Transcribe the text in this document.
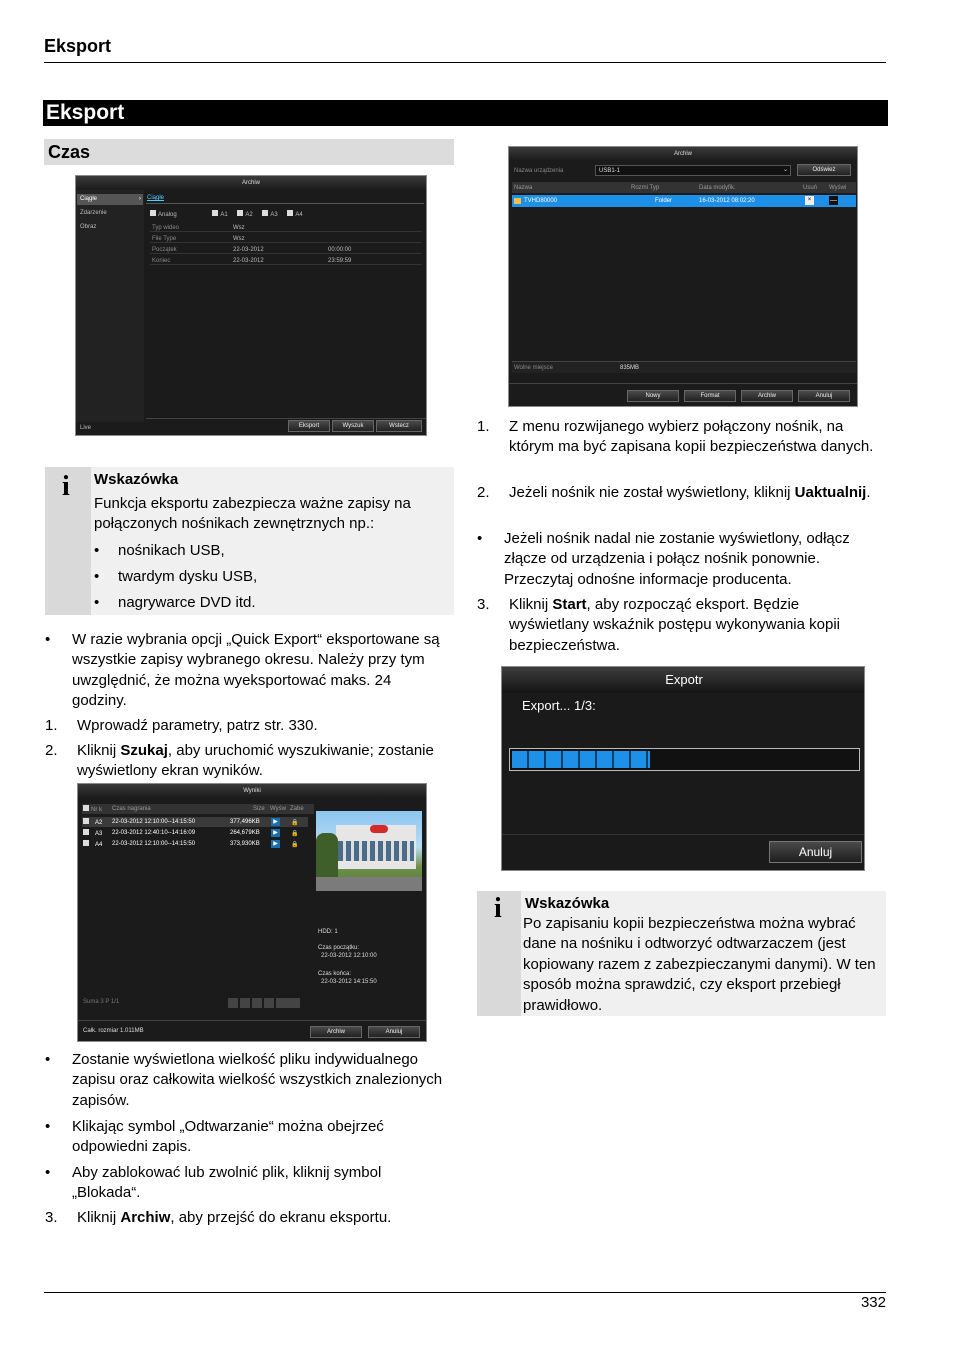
Eksport
Eksport
Czas
Archiw
Ciągłe	›
Zdarzenie
Obraz
Ciągłe
Analog	A1	A2	A3	A4
Typ wideo	Wsz
File Type	Wsz
Początek	22-03-2012	00:00:00
Koniec	22-03-2012	23:59:59
Eksport	Wyszuk	Wstecz
Live
i Wskazówka
Funkcja eksportu zabezpiecza ważne zapisy na połączonych nośnikach zewnętrznych np.:
• nośnikach USB,
• twardym dysku USB,
• nagrywarce DVD itd.
• W razie wybrania opcji „Quick Export“ eksportowane są wszystkie zapisy wybranego okresu. Należy przy tym uwzględnić, że można wyeksportować maks. 24 godziny.
1. Wprowadź parametry, patrz str. 330.
2. Kliknij Szukaj, aby uruchomić wyszukiwanie; zostanie wyświetlony ekran wyników.
Wyniki
Nr k Czas nagrania	Size Wyśw Zabe
A2 22-03-2012 12:10:00--14:15:50	377,496KB	▶	🔒
A3 22-03-2012 12:40:10--14:16:09	264,679KB	▶	🔒
A4 22-03-2012 12:10:00--14:15:50	373,930KB	▶	🔒
HDD: 1
Czas początku:
22-03-2012 12:10:00
Czas końca:
22-03-2012 14:15:50
Suma 3 P 1/1
Całk. rozmiar 1.011MB	Archiw	Anuluj
• Zostanie wyświetlona wielkość pliku indywidualnego zapisu oraz całkowita wielkość wszystkich znalezionych zapisów.
• Klikając symbol „Odtwarzanie“ można obejrzeć odpowiedni zapis.
• Aby zablokować lub zwolnić plik, kliknij symbol „Blokada“.
3. Kliknij Archiw, aby przejść do ekranu eksportu.
Archiw
Nazwa urządzenia	USB1-1	⌄	Odśwież
Nazwa	Rozmi Typ	Data modyfik.	Usuń Wyświ
TVHD80000	Folder	16-03-2012 08:02:20	×	—
Wolne miejsce	835MB
Nowy	Format	Archiw	Anuluj
1. Z menu rozwijanego wybierz połączony nośnik, na którym ma być zapisana kopii bezpieczeństwa danych.
2. Jeżeli nośnik nie został wyświetlony, kliknij Uaktualnij.
• Jeżeli nośnik nadal nie zostanie wyświetlony, odłącz złącze od urządzenia i połącz nośnik ponownie. Przeczytaj odnośne informacje producenta.
3. Kliknij Start, aby rozpocząć eksport. Będzie wyświetlany wskaźnik postępu wykonywania kopii bezpieczeństwa.
Expotr
Export... 1/3:
Anuluj
i Wskazówka
Po zapisaniu kopii bezpieczeństwa można wybrać dane na nośniku i odtworzyć odtwarzaczem (jest kopiowany razem z zabezpieczanymi danymi). W ten sposób można sprawdzić, czy eksport przebiegł prawidłowo.
332
